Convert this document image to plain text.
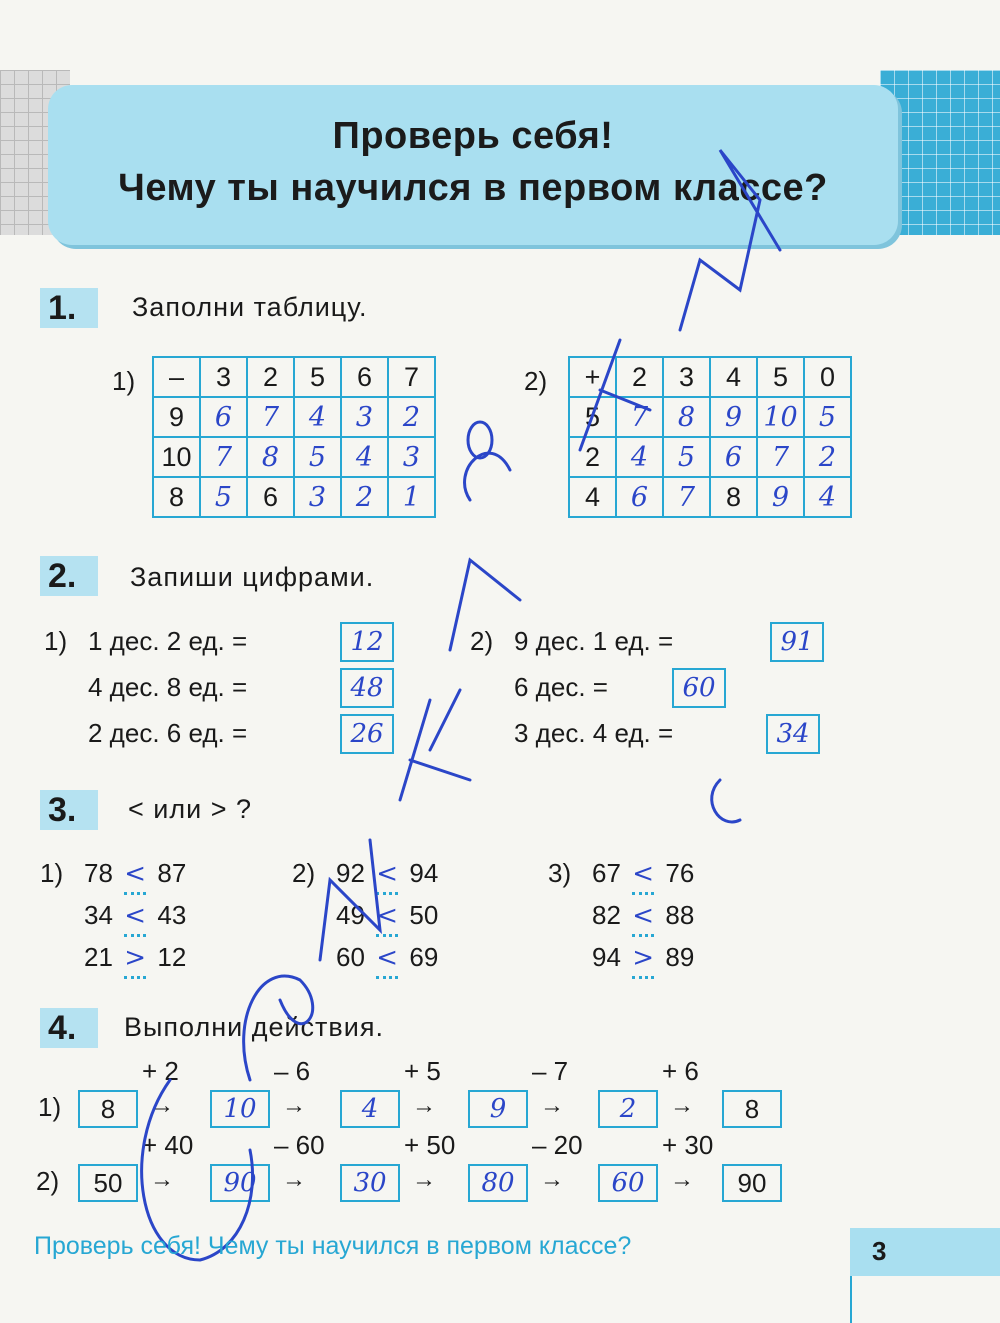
Проверь себя!
Чему ты научился в первом классе?
1.	Заполни таблицу.
1) –	3	2	5	6	7
9	6	7	4	3	2
10	7	8	5	4	3
8	5	6	3	2	1
2) +	2	3	4	5	0
5	7	8	9	10	5
2	4	5	6	7	2
4	6	7	8	9	4
2.	Запиши цифрами.
1) 1 дес. 2 ед. =	12
4 дес. 8 ед. =	48
2 дес. 6 ед. =	26
2) 9 дес. 1 ед. =	91
6 дес. =	60
3 дес. 4 ед. =	34
3.	< или > ?
1) 78 < 87
34 < 43
21 > 12
2) 92 < 94
49 < 50
60 < 69
3) 67 < 76
82 < 88
94 > 89
4.	Выполни действия.
1)
2)
8	→
+ 2
10	→
– 6
4	→
+ 5
9	→
– 7
2	→
+ 6
8
50	→
+ 40
90	→
– 60
30	→
+ 50
80	→
– 20
60	→
+ 30
90
Проверь себя! Чему ты научился в первом классе?	3
